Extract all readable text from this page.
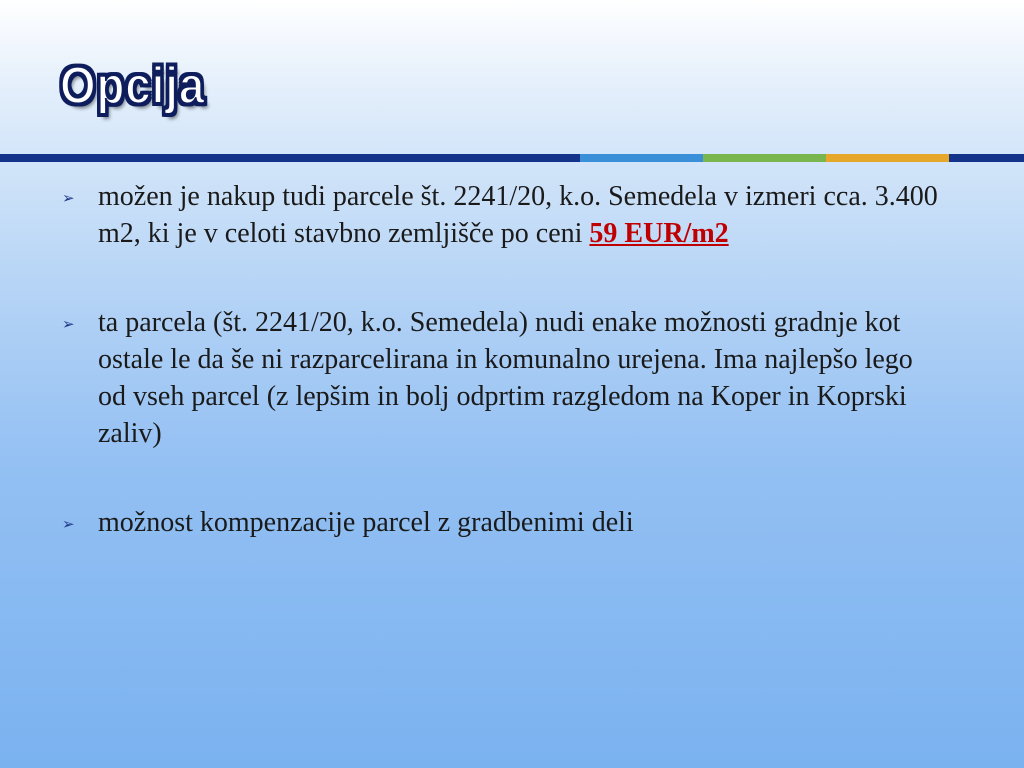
Opcija
➢ možen je nakup tudi parcele št. 2241/20, k.o. Semedela v izmeri cca. 3.400 m2, ki je v celoti stavbno zemljišče po ceni 59 EUR/m2
➢ ta parcela (št. 2241/20, k.o. Semedela) nudi enake možnosti gradnje kot ostale le da še ni razparcelirana in komunalno urejena. Ima najlepšo lego od vseh parcel (z lepšim in bolj odprtim razgledom na Koper in Koprski zaliv)
➢ možnost kompenzacije parcel z gradbenimi deli
